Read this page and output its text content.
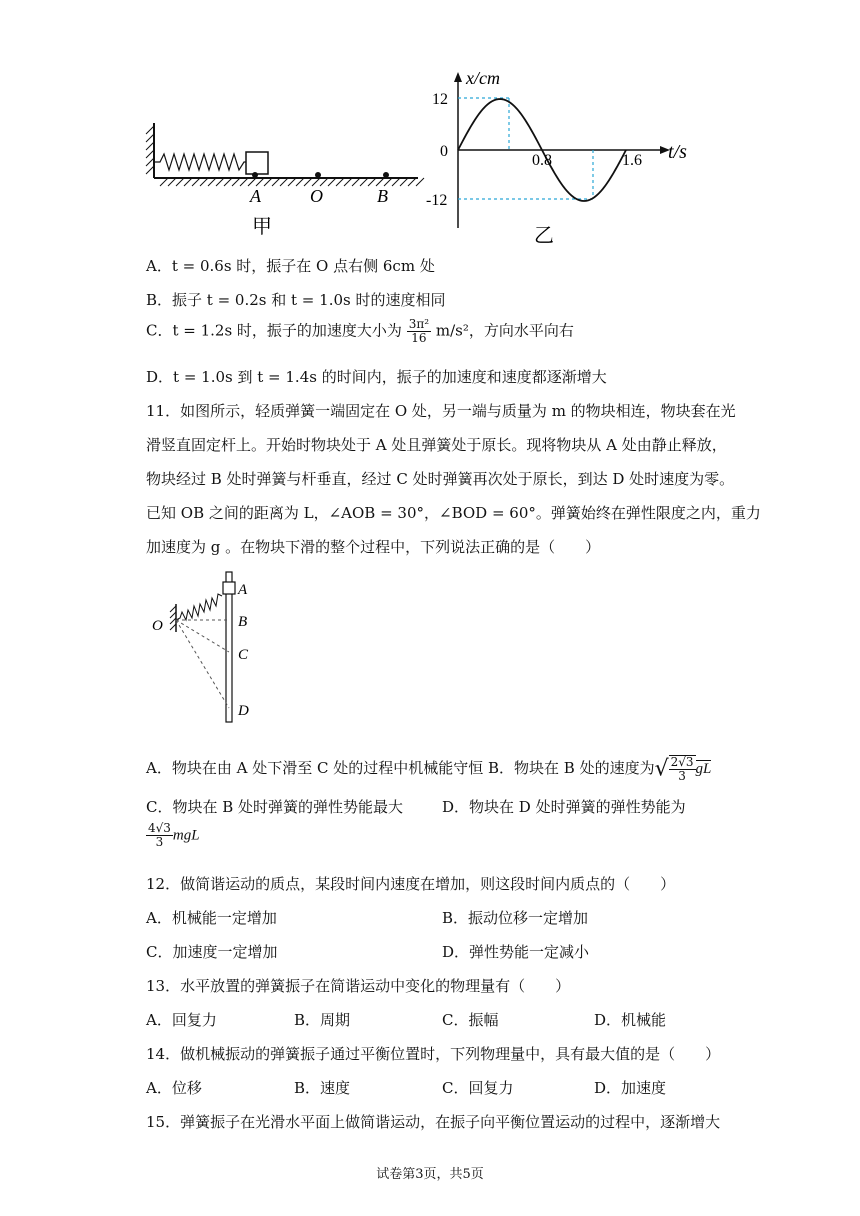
A	O	B
甲
x/cm
t/s
12
0
-12
0.8	1.6
乙
A．t = 0.6s 时，振子在 O 点右侧 6cm 处
B．振子 t = 0.2s 和 t = 1.0s 时的速度相同
C．t = 1.2s 时，振子的加速度大小为 $\frac{\text{3π²}}{16} m/s^2$，方向水平向右
D．t = 1.0s 到 t = 1.4s 的时间内，振子的加速度和速度都逐渐增大
11．如图所示，轻质弹簧一端固定在 O 处，另一端与质量为 m 的物块相连，物块套在光
滑竖直固定杆上。开始时物块处于 A 处且弹簧处于原长。现将物块从 A 处由静止释放，
物块经过 B 处时弹簧与杆垂直，经过 C 处时弹簧再次处于原长，到达 D 处时速度为零。
已知 OB 之间的距离为 L，∠AOB = 30°，∠BOD = 60°。弹簧始终在弹性限度之内，重力
加速度为 g 。在物块下滑的整个过程中，下列说法正确的是（　　）
A
B
C
D
O
A．物块在由 A 处下滑至 C 处的过程中机械能守恒 B．物块在 B 处的速度为√ $\frac{2√3}{3}$ gL
C．物块在 B 处时弹簧的弹性势能最大	D．物块在 D 处时弹簧的弹性势能为
$\frac{4√3}{3}$ mgL
12．做简谐运动的质点，某段时间内速度在增加，则这段时间内质点的（　　）
A．机械能一定增加	B．振动位移一定增加
C．加速度一定增加	D．弹性势能一定减小
13．水平放置的弹簧振子在简谐运动中变化的物理量有（　　）
A．回复力	B．周期	C．振幅	D．机械能
14．做机械振动的弹簧振子通过平衡位置时，下列物理量中，具有最大值的是（　　）
A．位移	B．速度	C．回复力	D．加速度
15．弹簧振子在光滑水平面上做简谐运动，在振子向平衡位置运动的过程中，逐渐增大
试卷第3页，共5页
